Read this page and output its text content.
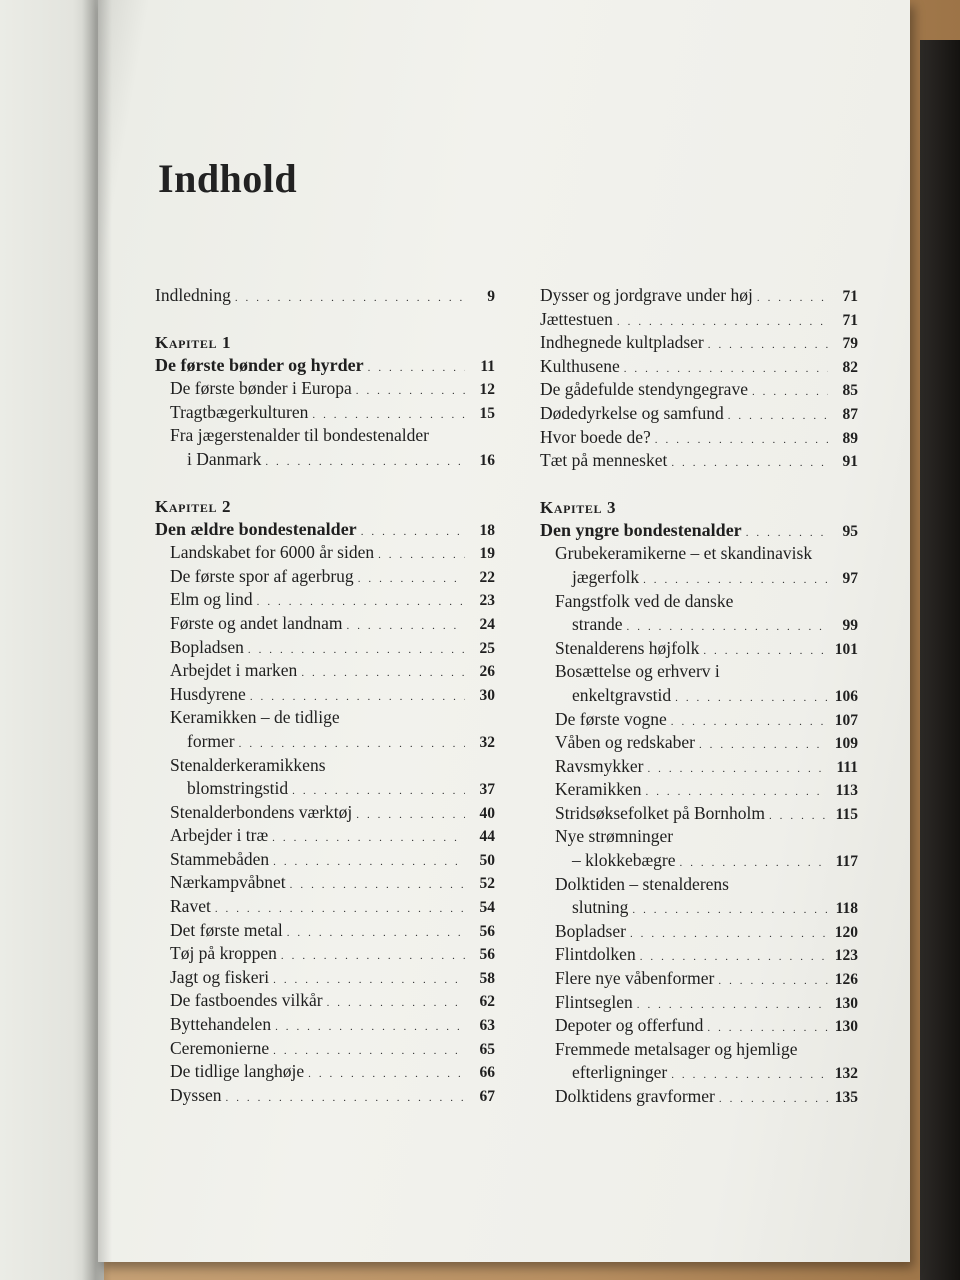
Indhold
Indledning . . .	9
Kapitel 1
De første bønder og hyrder . . .	11
De første bønder i Europa . . .	12
Tragtbægerkulturen . . .	15
Fra jægerstenalder til bondestenalder
i Danmark . . .	16
Kapitel 2
Den ældre bondestenalder . . .	18
Landskabet for 6000 år siden . . .	19
De første spor af agerbrug . . .	22
Elm og lind . . .	23
Første og andet landnam . . .	24
Bopladsen . . .	25
Arbejdet i marken . . .	26
Husdyrene . . .	30
Keramikken – de tidlige
former . . .	32
Stenalderkeramikkens
blomstringstid . . .	37
Stenalderbondens værktøj . . .	40
Arbejder i træ . . .	44
Stammebåden . . .	50
Nærkampvåbnet . . .	52
Ravet . . .	54
Det første metal . . .	56
Tøj på kroppen . . .	56
Jagt og fiskeri . . .	58
De fastboendes vilkår . . .	62
Byttehandelen . . .	63
Ceremonierne . . .	65
De tidlige langhøje . . .	66
Dyssen . . .	67
Dysser og jordgrave under høj . . .	71
Jættestuen . . .	71
Indhegnede kultpladser . . .	79
Kulthusene . . .	82
De gådefulde stendyngegrave . . .	85
Dødedyrkelse og samfund . . .	87
Hvor boede de? . . .	89
Tæt på mennesket . . .	91
Kapitel 3
Den yngre bondestenalder . . .	95
Grubekeramikerne – et skandinavisk
jægerfolk . . .	97
Fangstfolk ved de danske
strande . . .	99
Stenalderens højfolk . . .	101
Bosættelse og erhverv i
enkeltgravstid . . .	106
De første vogne . . .	107
Våben og redskaber . . .	109
Ravsmykker . . .	111
Keramikken . . .	113
Stridsøksefolket på Bornholm . . .	115
Nye strømninger
– klokkebægre . . .	117
Dolktiden – stenalderens
slutning . . .	118
Bopladser . . .	120
Flintdolken . . .	123
Flere nye våbenformer . . .	126
Flintseglen . . .	130
Depoter og offerfund . . .	130
Fremmede metalsager og hjemlige
efterligninger . . .	132
Dolktidens gravformer . . .	135
